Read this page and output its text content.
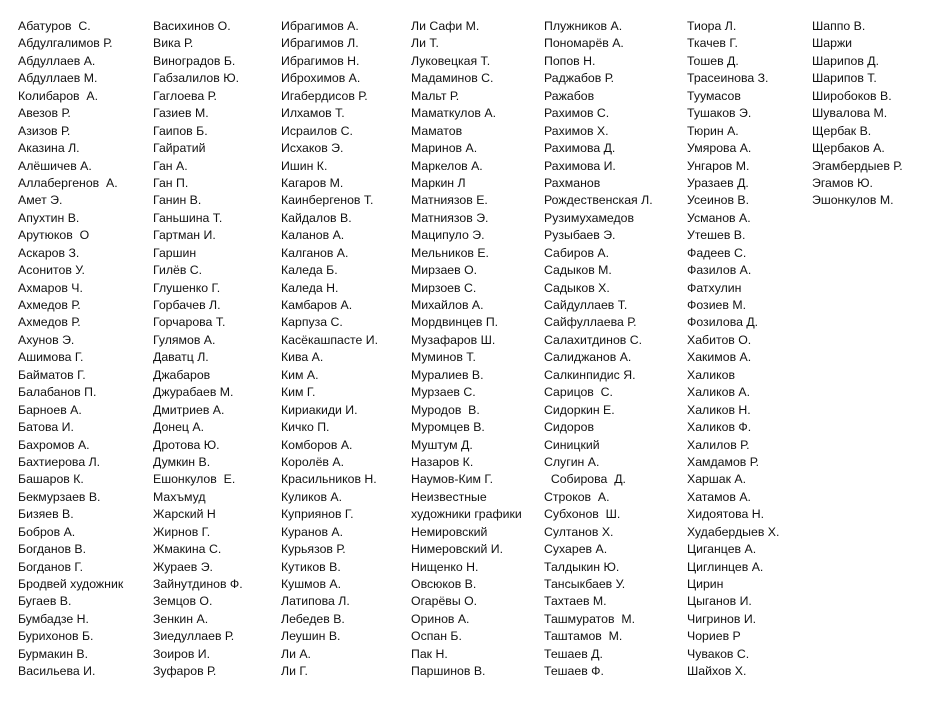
Абатуров  С.
Абдулгалимов Р.
Абдуллаев А.
Абдуллаев М.
Колибаров  А.
Авезов Р.
Азизов Р.
Аказина Л.
Алёшичев А.
Аллабергенов  А.
Амет Э.
Апухтин В.
Арутюков  О
Аскаров З.
Асонитов У.
Ахмаров Ч.
Ахмедов Р.
Ахмедов Р.
Ахунов Э.
Ашимова Г.
Байматов Г.
Балабанов П.
Барноев А.
Батова И.
Бахромов А.
Бахтиерова Л.
Башаров К.
Бекмурзаев В.
Бизяев В.
Бобров А.
Богданов В.
Богданов Г.
Бродвей художник
Бугаев В.
Бумбадзе Н.
Бурихонов Б.
Бурмакин В.
Васильева И.
Васихинов О.
Вика Р.
Виноградов Б.
Габзалилов Ю.
Гаглоева Р.
Газиев М.
Гаипов Б.
Гайратий
Ган А.
Ган П.
Ганин В.
Ганьшина Т.
Гартман И.
Гаршин
Гилёв С.
Глушенко Г.
Горбачев Л.
Горчарова Т.
Гулямов А.
Даватц Л.
Джабаров
Джурабаев М.
Дмитриев А.
Донец А.
Дротова Ю.
Думкин В.
Ешонкулов  Е.
Махъмуд
Жарский Н
Жирнов Г.
Жмакина С.
Жураев Э.
Зайнутдинов Ф.
Земцов О.
Зенкин А.
Зиедуллаев Р.
Зоиров И.
Зуфаров Р.
Ибрагимов А.
Ибрагимов Л.
Ибрагимов Н.
Иброхимов А.
Игабердисов Р.
Илхамов Т.
Исраилов С.
Исхаков Э.
Ишин К.
Кагаров М.
Каинбергенов Т.
Кайдалов В.
Каланов А.
Калганов А.
Каледа Б.
Каледа Н.
Камбаров А.
Карпуза С.
Касёкашпасте И.
Кива А.
Ким А.
Ким Г.
Кириакиди И.
Кичко П.
Комборов А.
Королёв А.
Красильников Н.
Куликов А.
Куприянов Г.
Куранов А.
Курьязов Р.
Кутиков В.
Кушмов А.
Латипова Л.
Лебедев В.
Леушин В.
Ли А.
Ли Г.
Ли Сафи М.
Ли Т.
Луковецкая Т.
Мадаминов С.
Мальт Р.
Маматкулов А.
Маматов
Маринов А.
Маркелов А.
Маркин Л
Матниязов Е.
Матниязов Э.
Маципуло Э.
Мельников Е.
Мирзаев О.
Мирзоев С.
Михайлов А.
Мордвинцев П.
Музафаров Ш.
Муминов Т.
Муралиев В.
Мурзаев С.
Муродов  В.
Муромцев В.
Муштум Д.
Назаров К.
Наумов-Ким Г.
Неизвестные
художники графики
Немировский
Нимеровский И.
Нищенко Н.
Овсюков В.
Огарёвы О.
Оринов А.
Оспан Б.
Пак Н.
Паршинов В.
Плужников А.
Пономарёв А.
Попов Н.
Раджабов Р.
Ражабов
Рахимов С.
Рахимов Х.
Рахимова Д.
Рахимова И.
Рахманов
Рождественская Л.
Рузимухамедов
Рузыбаев Э.
Сабиров А.
Садыков М.
Садыков Х.
Сайдуллаев Т.
Сайфуллаева Р.
Салахитдинов С.
Салиджанов А.
Салкинпидис Я.
Сарицов  С.
Сидоркин Е.
Сидоров
Синицкий
Слугин А.
Собирова  Д.
Строков  А.
Субхонов  Ш.
Султанов Х.
Сухарев А.
Талдыкин Ю.
Тансыкбаев У.
Тахтаев М.
Ташмуратов  М.
Таштамов  М.
Тешаев Д.
Тешаев Ф.
Тиора Л.
Ткачев Г.
Тошев Д.
Трасеинова З.
Туумасов
Тушаков Э.
Тюрин А.
Умярова А.
Унгаров М.
Уразаев Д.
Усеинов В.
Усманов А.
Утешев В.
Фадеев С.
Фазилов А.
Фатхулин
Фозиев М.
Фозилова Д.
Хабитов О.
Хакимов А.
Халиков
Халиков А.
Халиков Н.
Халиков Ф.
Халилов Р.
Хамдамов Р.
Харшак А.
Хатамов А.
Хидоятова Н.
Худабердыев Х.
Циганцев А.
Циглинцев А.
Цирин
Цыганов И.
Чигринов И.
Чориев Р
Чуваков С.
Шайхов Х.
Шаппо В.
Шаржи
Шарипов Д.
Шарипов Т.
Широбоков В.
Шувалова М.
Щербак В.
Щербаков А.
Эгамбердыев Р.
Эгамов Ю.
Эшонкулов М.
